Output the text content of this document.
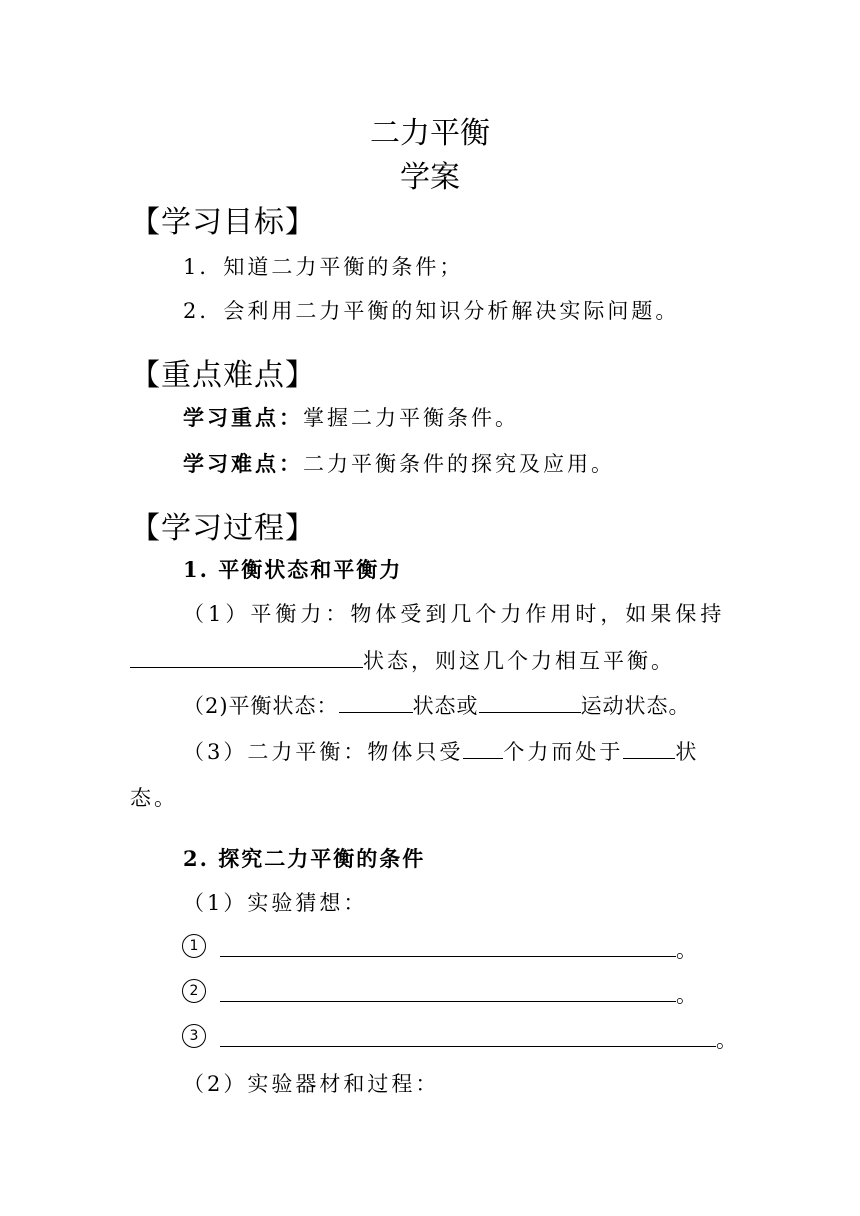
二力平衡
学案
【学习目标】
1．知道二力平衡的条件；
2．会利用二力平衡的知识分析解决实际问题。
【重点难点】
学习重点：掌握二力平衡条件。
学习难点：二力平衡条件的探究及应用。
【学习过程】
1. 平衡状态和平衡力
（1）平衡力：物体受到几个力作用时，如果保持
状态，则这几个力相互平衡。
（2)平衡状态：	状态或	运动状态。
（3）二力平衡：物体只受 个力而处于 状
态。
2. 探究二力平衡的条件
（1）实验猜想：
1	。
2	。
3	。
（2）实验器材和过程：
